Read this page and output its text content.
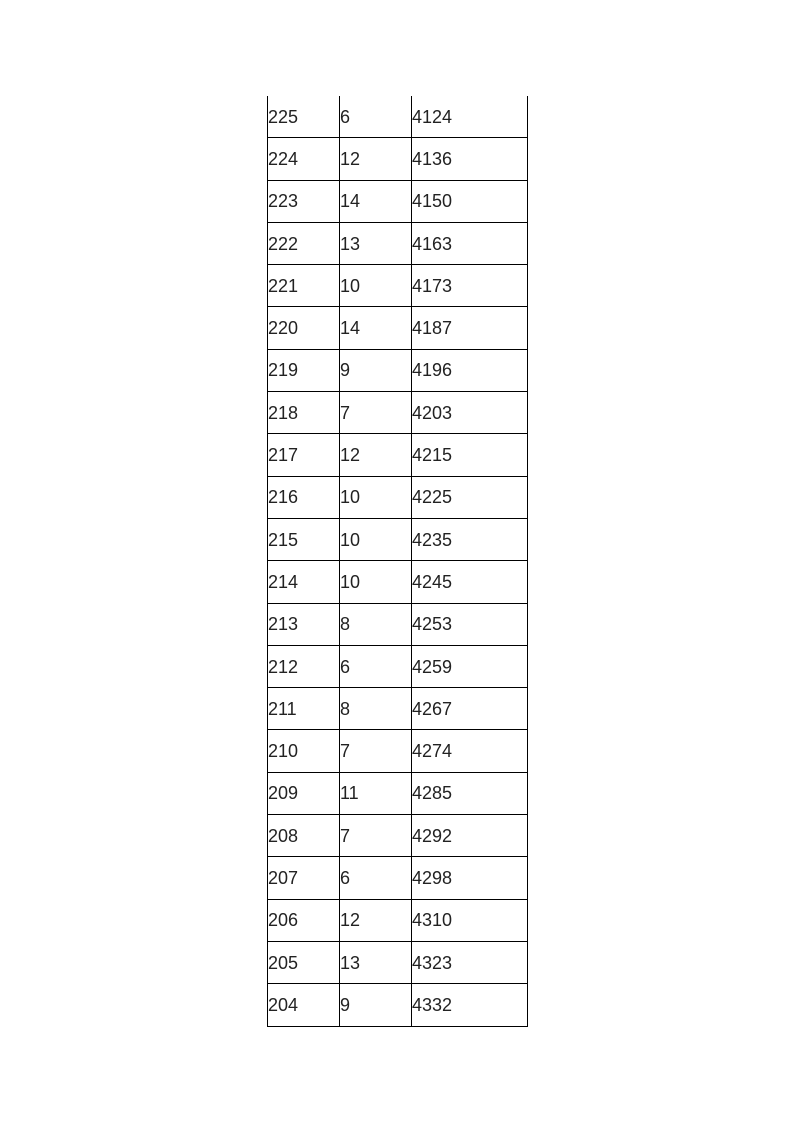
225	6	4124
224	12	4136
223	14	4150
222	13	4163
221	10	4173
220	14	4187
219	9	4196
218	7	4203
217	12	4215
216	10	4225
215	10	4235
214	10	4245
213	8	4253
212	6	4259
211	8	4267
210	7	4274
209	11	4285
208	7	4292
207	6	4298
206	12	4310
205	13	4323
204	9	4332
